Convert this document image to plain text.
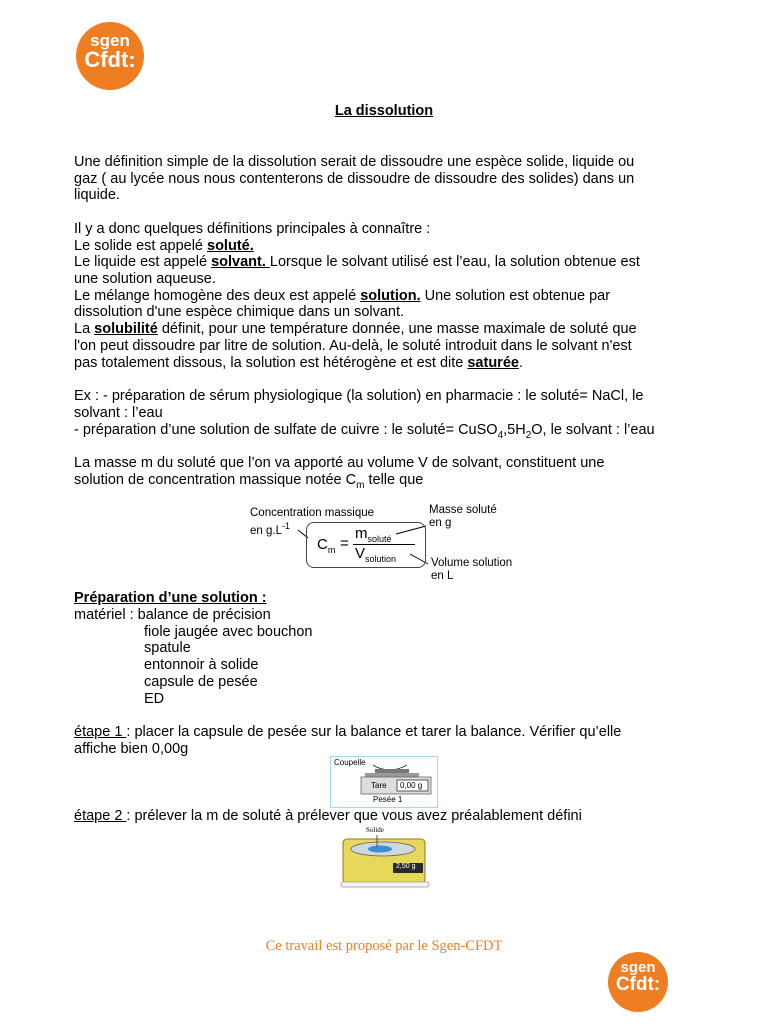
sgen
Cfdt:
La dissolution
Une définition simple de la dissolution serait de dissoudre une espèce solide, liquide ou
gaz ( au lycée nous nous contenterons de dissoudre de dissoudre des solides) dans un
liquide.
Il y a donc quelques définitions principales à connaître :
Le solide est appelé soluté.
Le liquide est appelé solvant. Lorsque le solvant utilisé est l’eau, la solution obtenue est
une solution aqueuse.
Le mélange homogène des deux est appelé solution. Une solution est obtenue par
dissolution d'une espèce chimique dans un solvant.
La solubilité définit, pour une température donnée, une masse maximale de soluté que
l'on peut dissoudre par litre de solution. Au-delà, le soluté introduit dans le solvant n'est
pas totalement dissous, la solution est hétérogène et est dite saturée.
Ex : - préparation de sérum physiologique (la solution) en pharmacie : le soluté= NaCl, le
solvant : l’eau
- préparation d’une solution de sulfate de cuivre : le soluté= $CuSO_4,5H_2O$, le solvant : l’eau
La masse m du soluté que l’on va apporté au volume V de solvant, constituent une
solution de concentration massique notée $C_m$ telle que
Concentration massique
en $g.L^{-1}$
Masse soluté
en g
Volume solution
en L
$C_m$ =
$m_{soluté}$
$V_{solution}$
Préparation d’une solution :
matériel : balance de précision
fiole jaugée avec bouchon
spatule
entonnoir à solide
capsule de pesée
ED
étape 1 : placer la capsule de pesée sur la balance et tarer la balance. Vérifier qu’elle
affiche bien 0,00g
Coupelle
Tare 0,00 g
Pesée 1
étape 2 : prélever la m de soluté à prélever que vous avez préalablement défini
Solide
2,50 g
Ce travail est proposé par le Sgen-CFDT
sgen
Cfdt:
